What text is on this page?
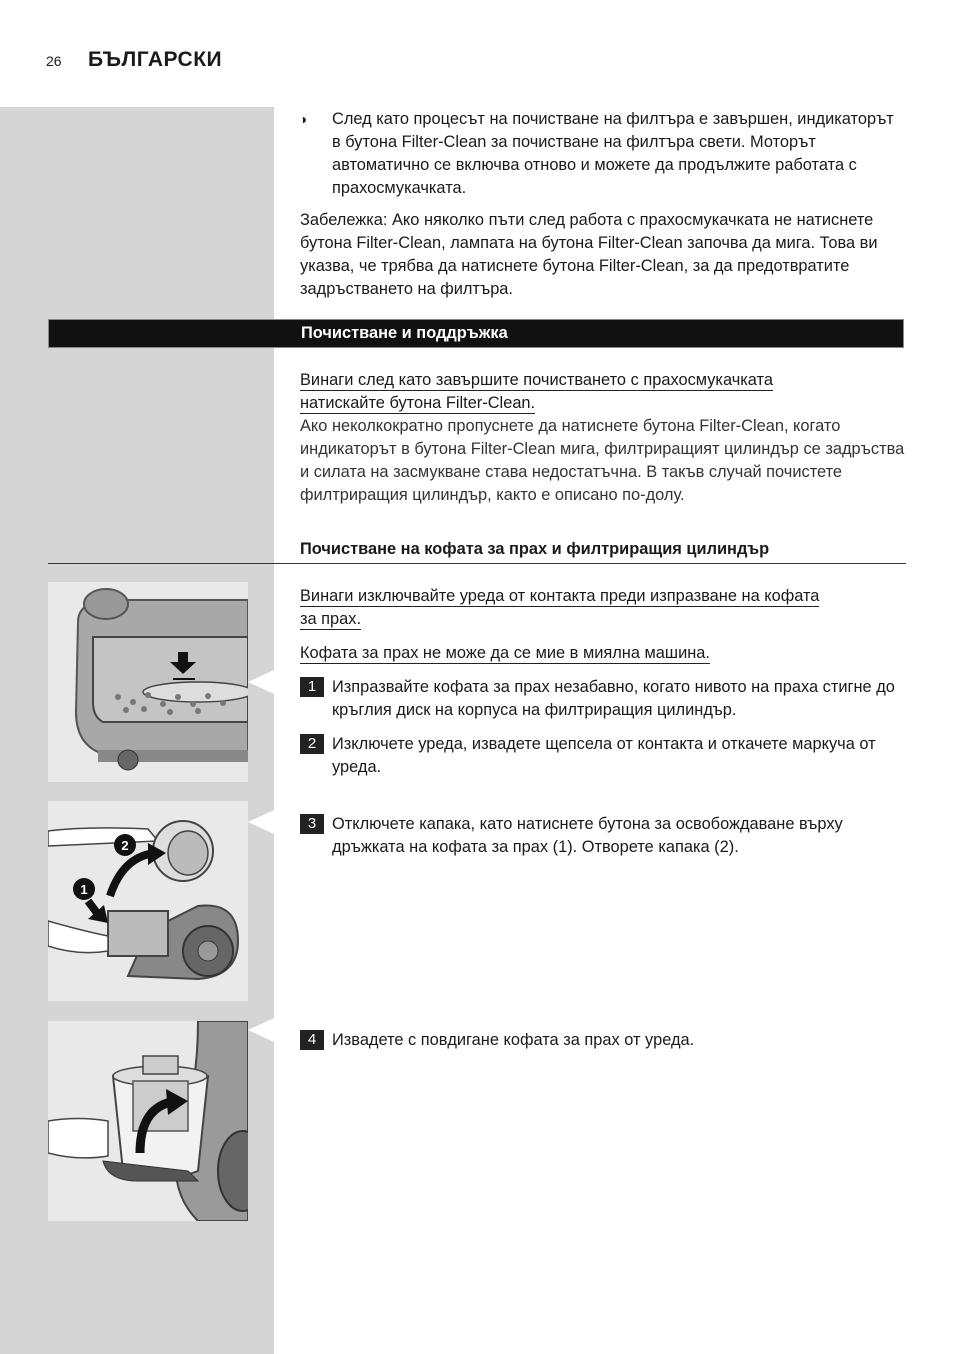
26 БЪЛГАРСКИ
◗ След като процесът на почистване на филтъра е завършен, индикаторът в бутона Filter-Clean за почистване на филтъра свети. Моторът автоматично се включва отново и можете да продължите работата с прахосмукачката.
Забележка: Ако няколко пъти след работа с прахосмукачката не натиснете бутона Filter-Clean, лампата на бутона Filter-Clean започва да мига. Това ви указва, че трябва да натиснете бутона Filter-Clean, за да предотвратите задръстването на филтъра.
Почистване и поддръжка
Винаги след като завършите почистването с прахосмукачката
натискайте бутона Filter-Clean.
Ако неколкократно пропуснете да натиснете бутона Filter-Clean, когато индикаторът в бутона Filter-Clean мига, филтриращият цилиндър се задръства и силата на засмукване става недостатъчна. В такъв случай почистете филтриращия цилиндър, както е описано по-долу.
Почистване на кофата за прах и филтриращия цилиндър
Винаги изключвайте уреда от контакта преди изпразване на кофата
за прах.
Кофата за прах не може да се мие в миялна машина.
1 Изпразвайте кофата за прах незабавно, когато нивото на праха стигне до кръглия диск на корпуса на филтриращия цилиндър.
2 Изключете уреда, извадете щепсела от контакта и откачете маркуча от уреда.
3 Отключете капака, като натиснете бутона за освобождаване върху дръжката на кофата за прах (1). Отворете капака (2).
4 Извадете с повдигане кофата за прах от уреда.
2
1
